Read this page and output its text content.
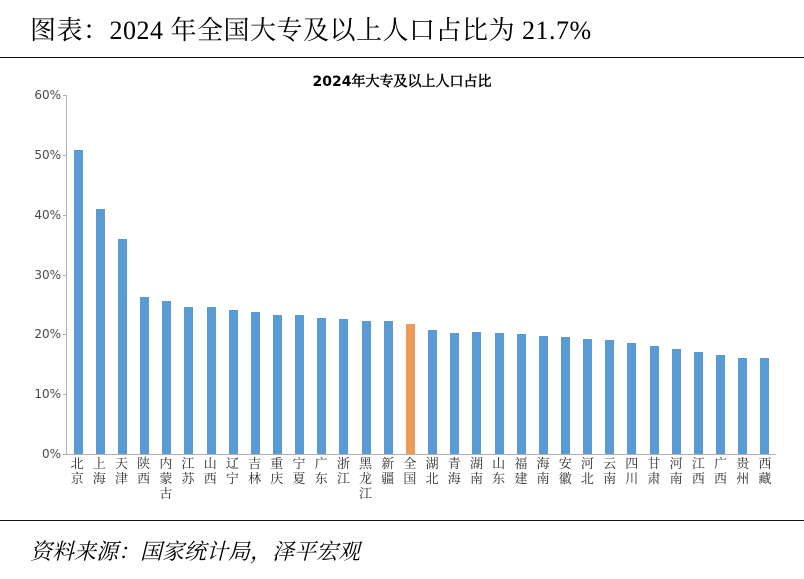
图表：2024 年全国大专及以上人口占比为 21.7%
2024年大专及以上人口占比
60%
50%
40%
30%
20%
10%
0%
北京
上海
天津
陕西
内蒙古
江苏
山西
辽宁
吉林
重庆
宁夏
广东
浙江
黑龙江
新疆
全国
湖北
青海
湖南
山东
福建
海南
安徽
河北
云南
四川
甘肃
河南
江西
广西
贵州
西藏
资料来源：国家统计局，泽平宏观
